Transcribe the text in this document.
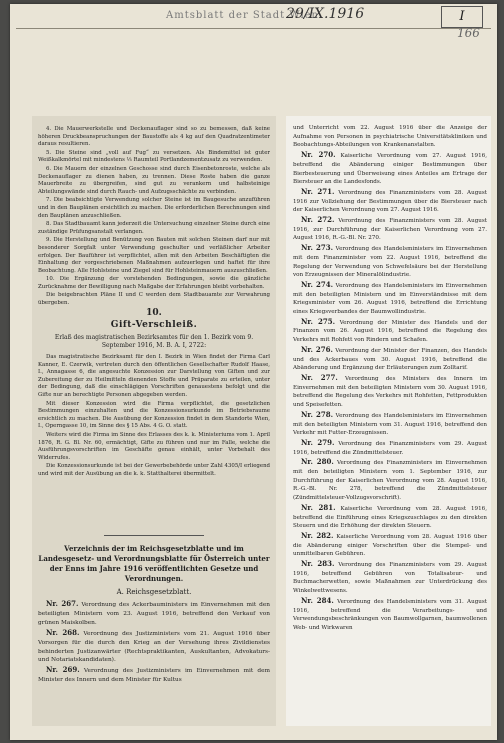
Amtsblatt der Stadt Wien
29/IX.1916	I
166

4. Die Mauerwerkstelle und Deckenauflager sind so zu bemessen, daß keine höheren Druckbeanspruchungen der Baustoffe als 4 kg auf den Quadratzentimeter daraus resultieren.

5. Die Steine sind „voll auf Fug“ zu versetzen. Als Bindemittel ist guter Weißkalkmörtel mit mindestens ⅓ Raumteil Portlandzementzusatz zu verwenden.

6. Die Mauern der einzelnen Geschosse sind durch Eisenbetonroste, welche als Deckenauflager zu dienen haben, zu trennen. Diese Roste haben die ganze Mauerbreite zu übergreifen, sind gut zu verankern und halbsteinige Abteilungswände sind durch Rauch- und Aufzugsschächte zu verbinden.

7. Die beabsichtigte Verwendung solcher Steine ist im Baugesuche anzuführen und in den Bauplänen ersichtlich zu machen. Die erforderlichen Berechnungen sind den Bauplänen anzuschließen.

8. Das Stadtbauamt kann jederzeit die Untersuchung einzelner Steine durch eine zuständige Prüfungsanstalt verlangen.

9. Die Herstellung und Benützung von Bauten mit solchen Steinen darf nur mit besonderer Sorgfalt unter Verwendung geschulter und verläßlicher Arbeiter erfolgen. Der Bauführer ist verpflichtet, allen mit den Arbeiten Beschäftigten die Einhaltung der vorgeschriebenen Maßnahmen aufzuerlegen und haftet für ihre Beobachtung. Alle Hohlsteine und Ziegel sind für Hohlsteinmauern auszuschließen.

10. Die Ergänzung der vorstehenden Bedingungen, sowie die gänzliche Zurücknahme der Bewilligung nach Maßgabe der Erfahrungen bleibt vorbehalten.

Die beigebrachten Pläne II und C werden dem Stadtbauamte zur Verwahrung übergeben.

10.
Gift-Verschleiß.
Erlaß des magistratischen Bezirksamtes für den 1. Bezirk vom 9. September 1916, M. B. A. I, 2722:

Das magistratische Bezirksamt für den I. Bezirk in Wien findet der Firma Carl Kanner, E. Czerwik, vertreten durch den öffentlichen Gesellschafter Rudolf Haase, I., Annagasse 6, die angesuchte Konzession zur Darstellung von Giften und zur Zubereitung der zu Heilmitteln dienenden Stoffe und Präparate zu erteilen, unter der Bedingung, daß die einschlägigen Vorschriften genauestens befolgt und die Gifte nur an berechtigte Personen abgegeben werden.

Mit dieser Konzession wird die Firma verpflichtet, die gesetzlichen Bestimmungen einzuhalten und die Konzessionsurkunde im Betriebsraume ersichtlich zu machen. Die Ausübung der Konzession findet in dem Standorte Wien, I., Operngasse 10, im Sinne des § 15 Abs. 4 G. O. statt.

Weiters wird die Firma im Sinne des Erlasses des k. k. Ministeriums vom 1. April 1876, R. G. Bl. Nr. 60, ermächtigt, Gifte zu führen und nur im Falle, welche die Ausführungsvorschriften im Geschäfte genau einhält, unter Vorbehalt des Widerrufes.

Die Konzessionsurkunde ist bei der Gewerbebehörde unter Zahl 4305/I erliegend und wird mit der Ausübung an die k. k. Statthalterei übermittelt.

Verzeichnis der im Reichsgesetzblatte und im Landesgesetz- und Verordnungsblatte für Österreich unter der Enns im Jahre 1916 veröffentlichten Gesetze und Verordnungen.
A. Reichsgesetzblatt.

Nr. 267. Verordnung des Ackerbauministers im Einvernehmen mit den beteiligten Ministern vom 23. August 1916, betreffend den Verkauf von grünen Maiskolben.

Nr. 268. Verordnung des Justizministers vom 21. August 1916 über Vorsorgen für die durch den Krieg an der Versehung ihres Zivildienstes behinderten Justizanwärter (Rechtspraktikanten, Auskultanten, Advokaturs- und Notariatskandidaten).

Nr. 269. Verordnung des Justizministers im Einvernehmen mit dem Minister des Innern und dem Minister für Kultus

und Unterricht vom 22. August 1916 über die Anzeige der Aufnahme von Personen in psychiatrische Universitätskliniken und Beobachtungs-Abteilungen von Krankenanstalten.

Nr. 270. Kaiserliche Verordnung vom 27. August 1916, betreffend die Abänderung einiger Bestimmungen über Bierbesteuerung und Überweisung eines Anteiles am Ertrage der Biersteuer an die Landesfonds.

Nr. 271. Verordnung des Finanzministers vom 28. August 1916 zur Vollziehung der Bestimmungen über die Biersteuer nach der Kaiserlichen Verordnung vom 27. August 1916.

Nr. 272. Verordnung des Finanzministers vom 28. August 1916, zur Durchführung der Kaiserlichen Verordnung vom 27. August 1916, R.-G.-Bl. Nr. 270.

Nr. 273. Verordnung des Handelsministers im Einvernehmen mit dem Finanzminister vom 22. August 1916, betreffend die Regelung der Verwendung von Schwefelsäure bei der Herstellung von Erzeugnissen der Mineralölindustrie.

Nr. 274. Verordnung des Handelsministers im Einvernehmen mit den beteiligten Ministern und im Einverständnisse mit dem Kriegsminister vom 26. August 1916, betreffend die Errichtung eines Kriegsverbandes der Baumwollindustrie.

Nr. 275. Verordnung der Minister des Handels und der Finanzen vom 26. August 1916, betreffend die Regelung des Verkehrs mit Rohfett von Rindern und Schafen.

Nr. 276. Verordnung der Minister der Finanzen, des Handels und des Ackerbaues vom 30. August 1916, betreffend die Abänderung und Ergänzung der Erläuterungen zum Zolltarif.

Nr. 277. Verordnung des Ministers des Innern im Einvernehmen mit den beteiligten Ministern vom 30. August 1916, betreffend die Regelung des Verkehrs mit Rohfetten, Fettprodukten und Speisefetten.

Nr. 278. Verordnung des Handelsministers im Einvernehmen mit den beteiligten Ministern vom 31. August 1916, betreffend den Verkehr mit Futter-Erzeugnissen.

Nr. 279. Verordnung des Finanzministers vom 29. August 1916, betreffend die Zündmittelsteuer.

Nr. 280. Verordnung des Finanzministers im Einvernehmen mit den beteiligten Ministern vom 1. September 1916, zur Durchführung der Kaiserlichen Verordnung vom 28. August 1916, R.-G.-Bl. Nr. 278, betreffend die Zündmittelsteuer (Zündmittelsteuer-Vollzugsvorschrift).

Nr. 281. Kaiserliche Verordnung vom 28. August 1916, betreffend die Einführung eines Kriegszuschlages zu den direkten Steuern und die Erhöhung der direkten Steuern.

Nr. 282. Kaiserliche Verordnung vom 28. August 1916 über die Abänderung einiger Vorschriften über die Stempel- und unmittelbaren Gebühren.

Nr. 283. Verordnung des Finanzministers vom 29. August 1916, betreffend Gebühren von Totalisateur- und Buchmacherwetten, sowie Maßnahmen zur Unterdrückung des Winkelwettwesens.

Nr. 284. Verordnung des Handelsministers vom 31. August 1916, betreffend die Verarbeitungs- und Verwendungsbeschränkungen von Baumwollgarnen, baumwollenen Web- und Wirkwaren
